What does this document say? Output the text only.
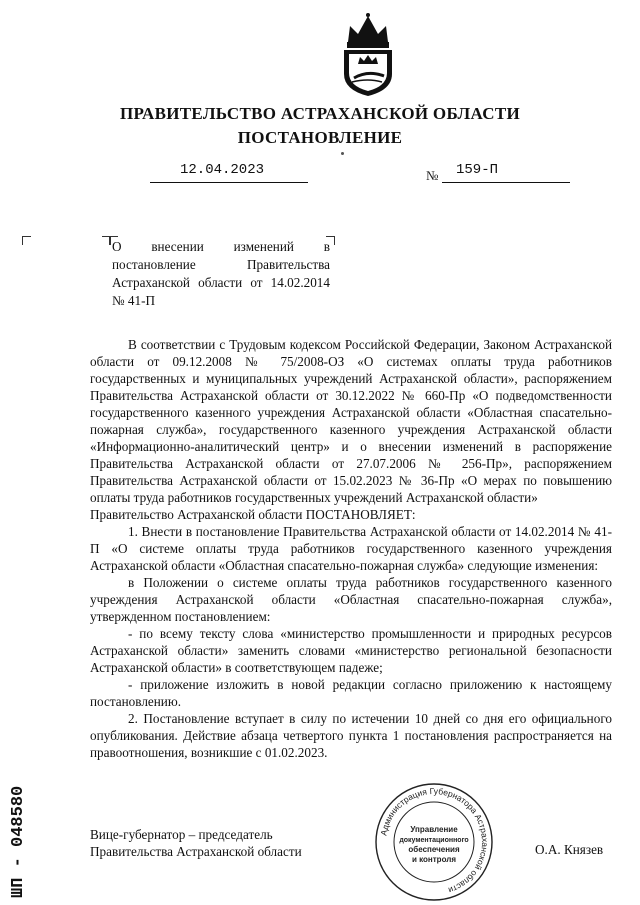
ПРАВИТЕЛЬСТВО АСТРАХАНСКОЙ ОБЛАСТИ
ПОСТАНОВЛЕНИЕ
12.04.2023	№ 159-П
О внесении изменений в постановление Правительства Астраханской области от 14.02.2014 № 41-П

В соответствии с Трудовым кодексом Российской Федерации, Законом Астраханской области от 09.12.2008 № 75/2008-ОЗ «О системах оплаты труда работников государственных и муниципальных учреждений Астраханской области», распоряжением Правительства Астраханской области от 30.12.2022 № 660-Пр «О подведомственности государственного казенного учреждения Астраханской области «Областная спасательно-пожарная служба», государственного казенного учреждения Астраханской области «Информационно-аналитический центр» и о внесении изменений в распоряжение Правительства Астраханской области от 27.07.2006 № 256-Пр», распоряжением Правительства Астраханской области от 15.02.2023 № 36-Пр «О мерах по повышению оплаты труда работников государственных учреждений Астраханской области»

Правительство Астраханской области ПОСТАНОВЛЯЕТ:

1. Внести в постановление Правительства Астраханской области от 14.02.2014 № 41-П «О системе оплаты труда работников государственного казенного учреждения Астраханской области «Областная спасательно-пожарная служба» следующие изменения:

в Положении о системе оплаты труда работников государственного казенного учреждения Астраханской области «Областная спасательно-пожарная служба», утвержденном постановлением:

- по всему тексту слова «министерство промышленности и природных ресурсов Астраханской области» заменить словами «министерство региональной безопасности Астраханской области» в соответствующем падеже;

- приложение изложить в новой редакции согласно приложению к настоящему постановлению.

2. Постановление вступает в силу по истечении 10 дней со дня его официального опубликования. Действие абзаца четвертого пункта 1 постановления распространяется на правоотношения, возникшие с 01.02.2023.

Администрация Губернатора Астраханской области
Управление
документационного
обеспечения
и контроля
Вице-губернатор – председатель
Правительства Астраханской области	О.А. Князев
ШП - 048580
